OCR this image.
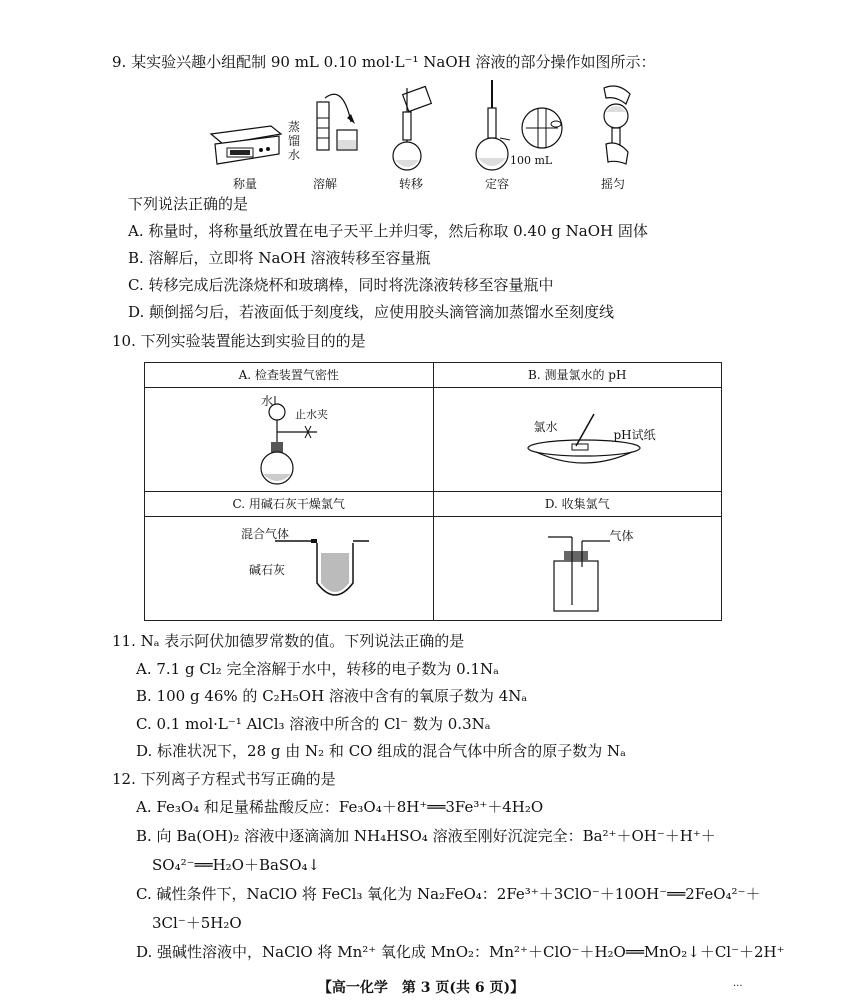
9. 某实验兴趣小组配制 90 mL 0.10 mol·L⁻¹ NaOH 溶液的部分操作如图所示：
蒸馏水	100 mL
称量	溶解	转移	定容	摇匀
下列说法正确的是
A. 称量时，将称量纸放置在电子天平上并归零，然后称取 0.40 g NaOH 固体
B. 溶解后，立即将 NaOH 溶液转移至容量瓶
C. 转移完成后洗涤烧杯和玻璃棒，同时将洗涤液转移至容量瓶中
D. 颠倒摇匀后，若液面低于刻度线，应使用胶头滴管滴加蒸馏水至刻度线
10. 下列实验装置能达到实验目的的是
A. 检查装置气密性	B. 测量氯水的 pH

水
止水夹	氯水
pH试纸

C. 用碱石灰干燥氯气	D. 收集氯气

混合气体
碱石灰	气体
11. Nₐ 表示阿伏加德罗常数的值。下列说法正确的是
A. 7.1 g Cl₂ 完全溶解于水中，转移的电子数为 0.1Nₐ
B. 100 g 46% 的 C₂H₅OH 溶液中含有的氧原子数为 4Nₐ
C. 0.1 mol·L⁻¹ AlCl₃ 溶液中所含的 Cl⁻ 数为 0.3Nₐ
D. 标准状况下，28 g 由 N₂ 和 CO 组成的混合气体中所含的原子数为 Nₐ
12. 下列离子方程式书写正确的是
A. Fe₃O₄ 和足量稀盐酸反应：Fe₃O₄＋8H⁺══3Fe³⁺＋4H₂O
B. 向 Ba(OH)₂ 溶液中逐滴滴加 NH₄HSO₄ 溶液至刚好沉淀完全：Ba²⁺＋OH⁻＋H⁺＋
SO₄²⁻══H₂O＋BaSO₄↓
C. 碱性条件下，NaClO 将 FeCl₃ 氧化为 Na₂FeO₄：2Fe³⁺＋3ClO⁻＋10OH⁻══2FeO₄²⁻＋
3Cl⁻＋5H₂O
D. 强碱性溶液中，NaClO 将 Mn²⁺ 氧化成 MnO₂：Mn²⁺＋ClO⁻＋H₂O══MnO₂↓＋Cl⁻＋2H⁺
【高一化学　第 3 页(共 6 页)】	...
